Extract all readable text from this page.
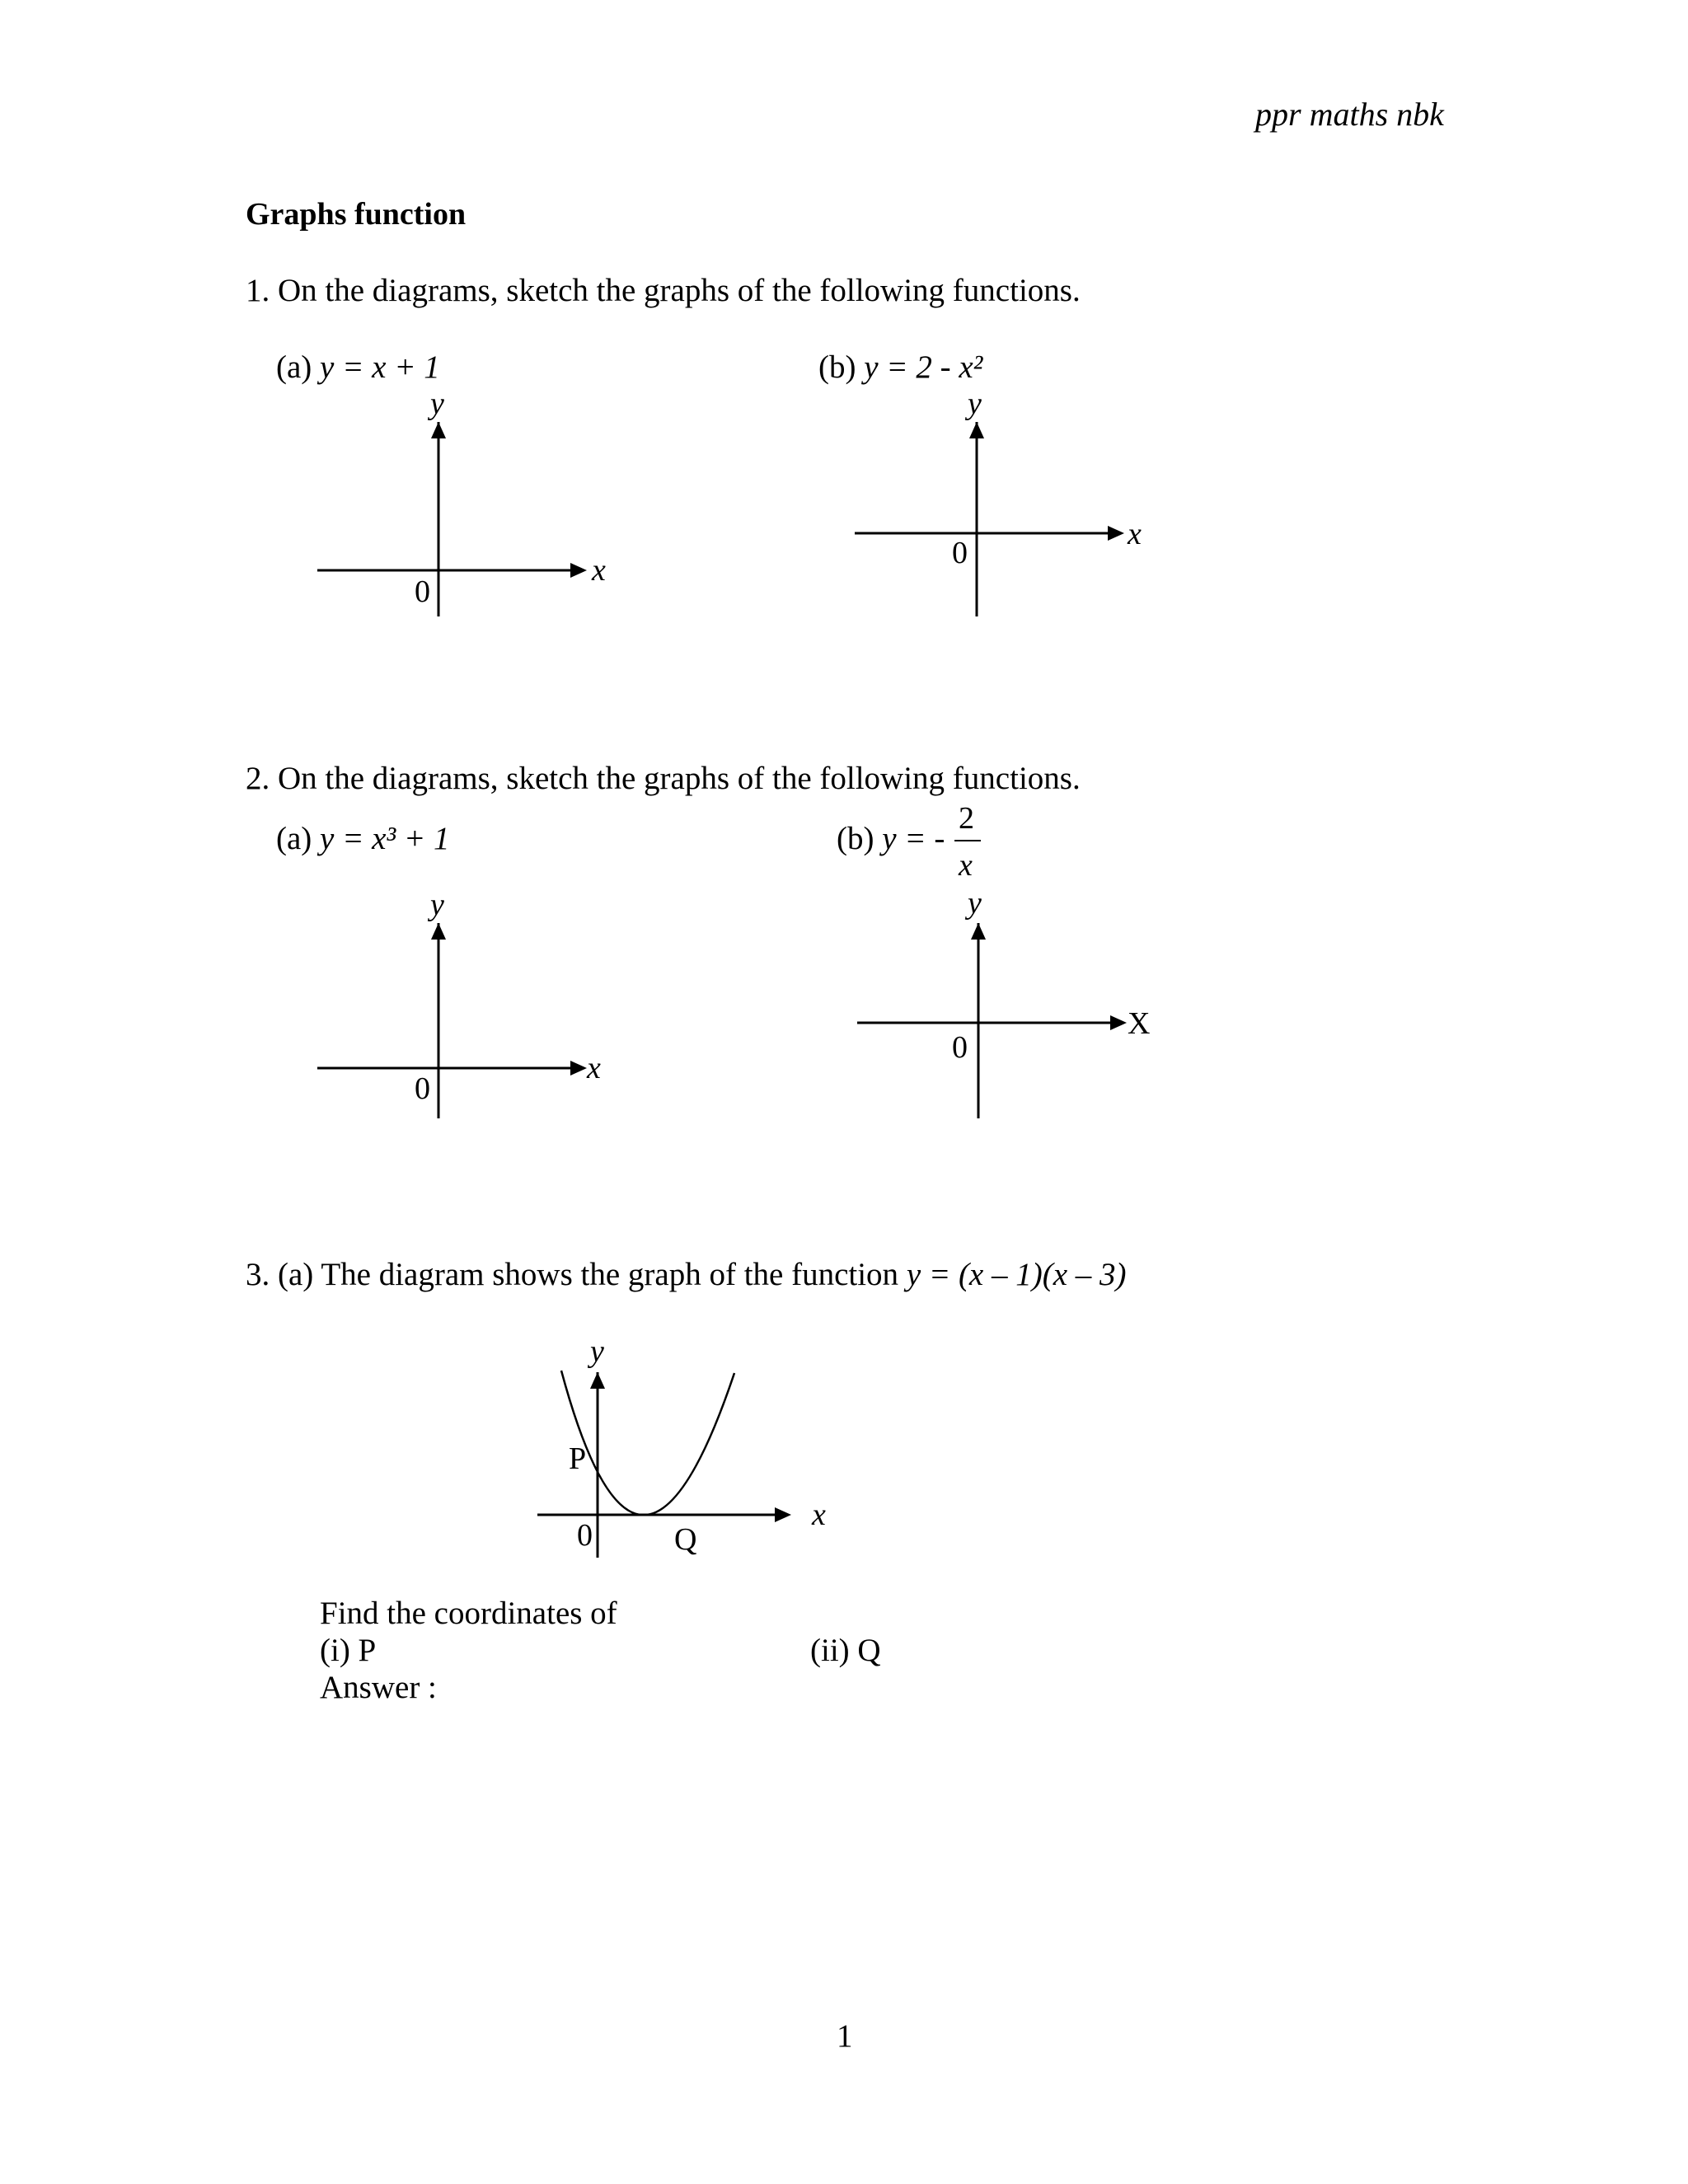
ppr maths nbk
Graphs function
1. On the diagrams, sketch the graphs of the following functions.
(a) y = x + 1	(b) y = 2 - x²
2. On the diagrams, sketch the graphs of the following functions.
(a) y = x³ + 1	(b) y = -
3. (a) The diagram shows the graph of the function y = (x – 1)(x – 3)
Find the coordinates of
(i) P	(ii) Q
Answer :
1
y
x
0
y
x
0
y
x
0
2
x
y
X
0
y
x
0
P
Q
